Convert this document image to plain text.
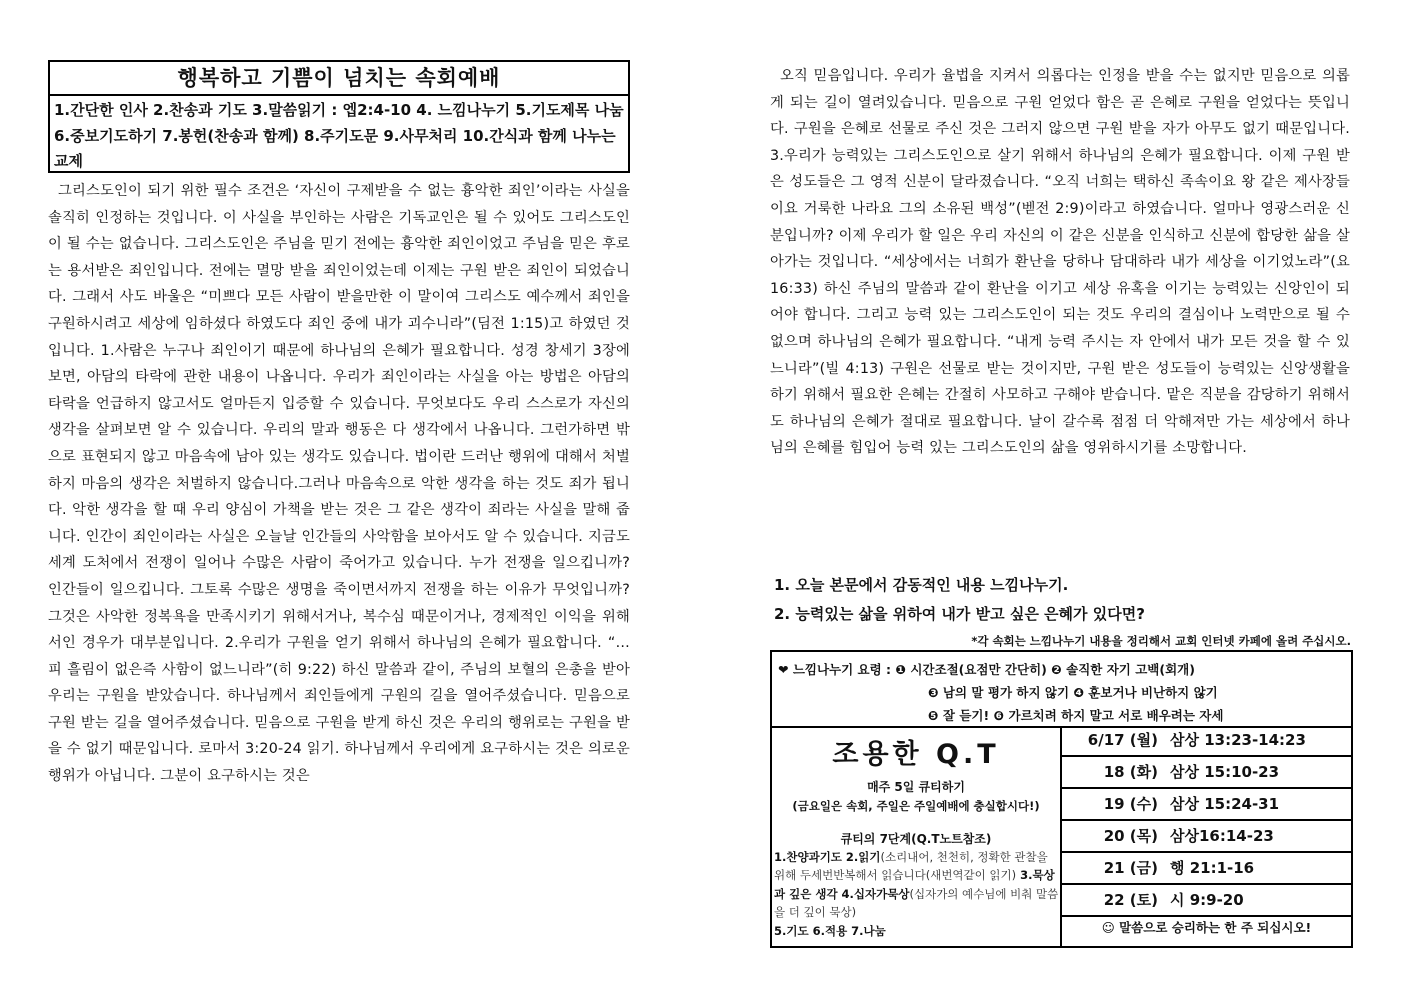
행복하고 기쁨이 넘치는 속회예배
1.간단한 인사 2.찬송과 기도 3.말씀읽기 : 엡2:4-10 4. 느낌나누기 5.기도제목 나눔 6.중보기도하기 7.봉헌(찬송과 함께) 8.주기도문 9.사무처리 10.간식과 함께 나누는 교제

그리스도인이 되기 위한 필수 조건은 ‘자신이 구제받을 수 없는 흉악한 죄인’이라는 사실을 솔직히 인정하는 것입니다. 이 사실을 부인하는 사람은 기독교인은 될 수 있어도 그리스도인이 될 수는 없습니다. 그리스도인은 주님을 믿기 전에는 흉악한 죄인이었고 주님을 믿은 후로는 용서받은 죄인입니다. 전에는 멸망 받을 죄인이었는데 이제는 구원 받은 죄인이 되었습니다. 그래서 사도 바울은 “미쁘다 모든 사람이 받을만한 이 말이여 그리스도 예수께서 죄인을 구원하시려고 세상에 임하셨다 하였도다 죄인 중에 내가 괴수니라”(딤전 1:15)고 하였던 것입니다. 1.사람은 누구나 죄인이기 때문에 하나님의 은혜가 필요합니다. 성경 창세기 3장에 보면, 아담의 타락에 관한 내용이 나옵니다. 우리가 죄인이라는 사실을 아는 방법은 아담의 타락을 언급하지 않고서도 얼마든지 입증할 수 있습니다. 무엇보다도 우리 스스로가 자신의 생각을 살펴보면 알 수 있습니다. 우리의 말과 행동은 다 생각에서 나옵니다. 그런가하면 밖으로 표현되지 않고 마음속에 남아 있는 생각도 있습니다. 법이란 드러난 행위에 대해서 처벌하지 마음의 생각은 처벌하지 않습니다.그러나 마음속으로 악한 생각을 하는 것도 죄가 됩니다. 악한 생각을 할 때 우리 양심이 가책을 받는 것은 그 같은 생각이 죄라는 사실을 말해 줍니다. 인간이 죄인이라는 사실은 오늘날 인간들의 사악함을 보아서도 알 수 있습니다. 지금도 세계 도처에서 전쟁이 일어나 수많은 사람이 죽어가고 있습니다. 누가 전쟁을 일으킵니까? 인간들이 일으킵니다. 그토록 수많은 생명을 죽이면서까지 전쟁을 하는 이유가 무엇입니까? 그것은 사악한 정복욕을 만족시키기 위해서거나, 복수심 때문이거나, 경제적인 이익을 위해서인 경우가 대부분입니다. 2.우리가 구원을 얻기 위해서 하나님의 은혜가 필요합니다. “…피 흘림이 없은즉 사함이 없느니라”(히 9:22) 하신 말씀과 같이, 주님의 보혈의 은총을 받아 우리는 구원을 받았습니다. 하나님께서 죄인들에게 구원의 길을 열어주셨습니다. 믿음으로 구원 받는 길을 열어주셨습니다. 믿음으로 구원을 받게 하신 것은 우리의 행위로는 구원을 받을 수 없기 때문입니다. 로마서 3:20-24 읽기. 하나님께서 우리에게 요구하시는 것은 의로운 행위가 아닙니다. 그분이 요구하시는 것은

오직 믿음입니다. 우리가 율법을 지켜서 의롭다는 인정을 받을 수는 없지만 믿음으로 의롭게 되는 길이 열려있습니다. 믿음으로 구원 얻었다 함은 곧 은혜로 구원을 얻었다는 뜻입니다. 구원을 은혜로 선물로 주신 것은 그러지 않으면 구원 받을 자가 아무도 없기 때문입니다. 3.우리가 능력있는 그리스도인으로 살기 위해서 하나님의 은혜가 필요합니다. 이제 구원 받은 성도들은 그 영적 신분이 달라졌습니다. “오직 너희는 택하신 족속이요 왕 같은 제사장들이요 거룩한 나라요 그의 소유된 백성”(벧전 2:9)이라고 하였습니다. 얼마나 영광스러운 신분입니까? 이제 우리가 할 일은 우리 자신의 이 같은 신분을 인식하고 신분에 합당한 삶을 살아가는 것입니다. “세상에서는 너희가 환난을 당하나 담대하라 내가 세상을 이기었노라”(요 16:33) 하신 주님의 말씀과 같이 환난을 이기고 세상 유혹을 이기는 능력있는 신앙인이 되어야 합니다. 그리고 능력 있는 그리스도인이 되는 것도 우리의 결심이나 노력만으로 될 수 없으며 하나님의 은혜가 필요합니다. “내게 능력 주시는 자 안에서 내가 모든 것을 할 수 있느니라”(빌 4:13) 구원은 선물로 받는 것이지만, 구원 받은 성도들이 능력있는 신앙생활을 하기 위해서 필요한 은혜는 간절히 사모하고 구해야 받습니다. 맡은 직분을 감당하기 위해서도 하나님의 은혜가 절대로 필요합니다. 날이 갈수록 점점 더 악해져만 가는 세상에서 하나님의 은혜를 힘입어 능력 있는 그리스도인의 삶을 영위하시기를 소망합니다.

1. 오늘 본문에서 감동적인 내용 느낌나누기.
2. 능력있는 삶을 위하여 내가 받고 싶은 은혜가 있다면?
*각 속회는 느낌나누기 내용을 정리해서 교회 인터넷 카페에 올려 주십시오.
❤ 느낌나누기 요령 : ❶ 시간조절(요점만 간단히) ❷ 솔직한 자기 고백(회개)
❸ 남의 말 평가 하지 않기 ❹ 훈보거나 비난하지 않기
❺ 잘 듣기! ❻ 가르치려 하지 말고 서로 배우려는 자세
조용한 Q.T
매주 5일 큐티하기
(금요일은 속회, 주일은 주일예배에 충실합시다!)
큐티의 7단계(Q.T노트참조)
1.찬양과기도 2.읽기(소리내어, 천천히, 정확한 관찰을 위해 두세번반복해서 읽습니다(새번역같이 읽기) 3.묵상과 깊은 생각 4.십자가묵상(십자가의 예수님에 비춰 말씀을 더 깊이 묵상)
5.기도 6.적용 7.나눔
6/17 (월) 삼상 13:23-14:23
18 (화) 삼상 15:10-23
19 (수) 삼상 15:24-31
20 (목) 삼상16:14-23
21 (금) 행 21:1-16
22 (토) 시 9:9-20
☺ 말씀으로 승리하는 한 주 되십시오!
